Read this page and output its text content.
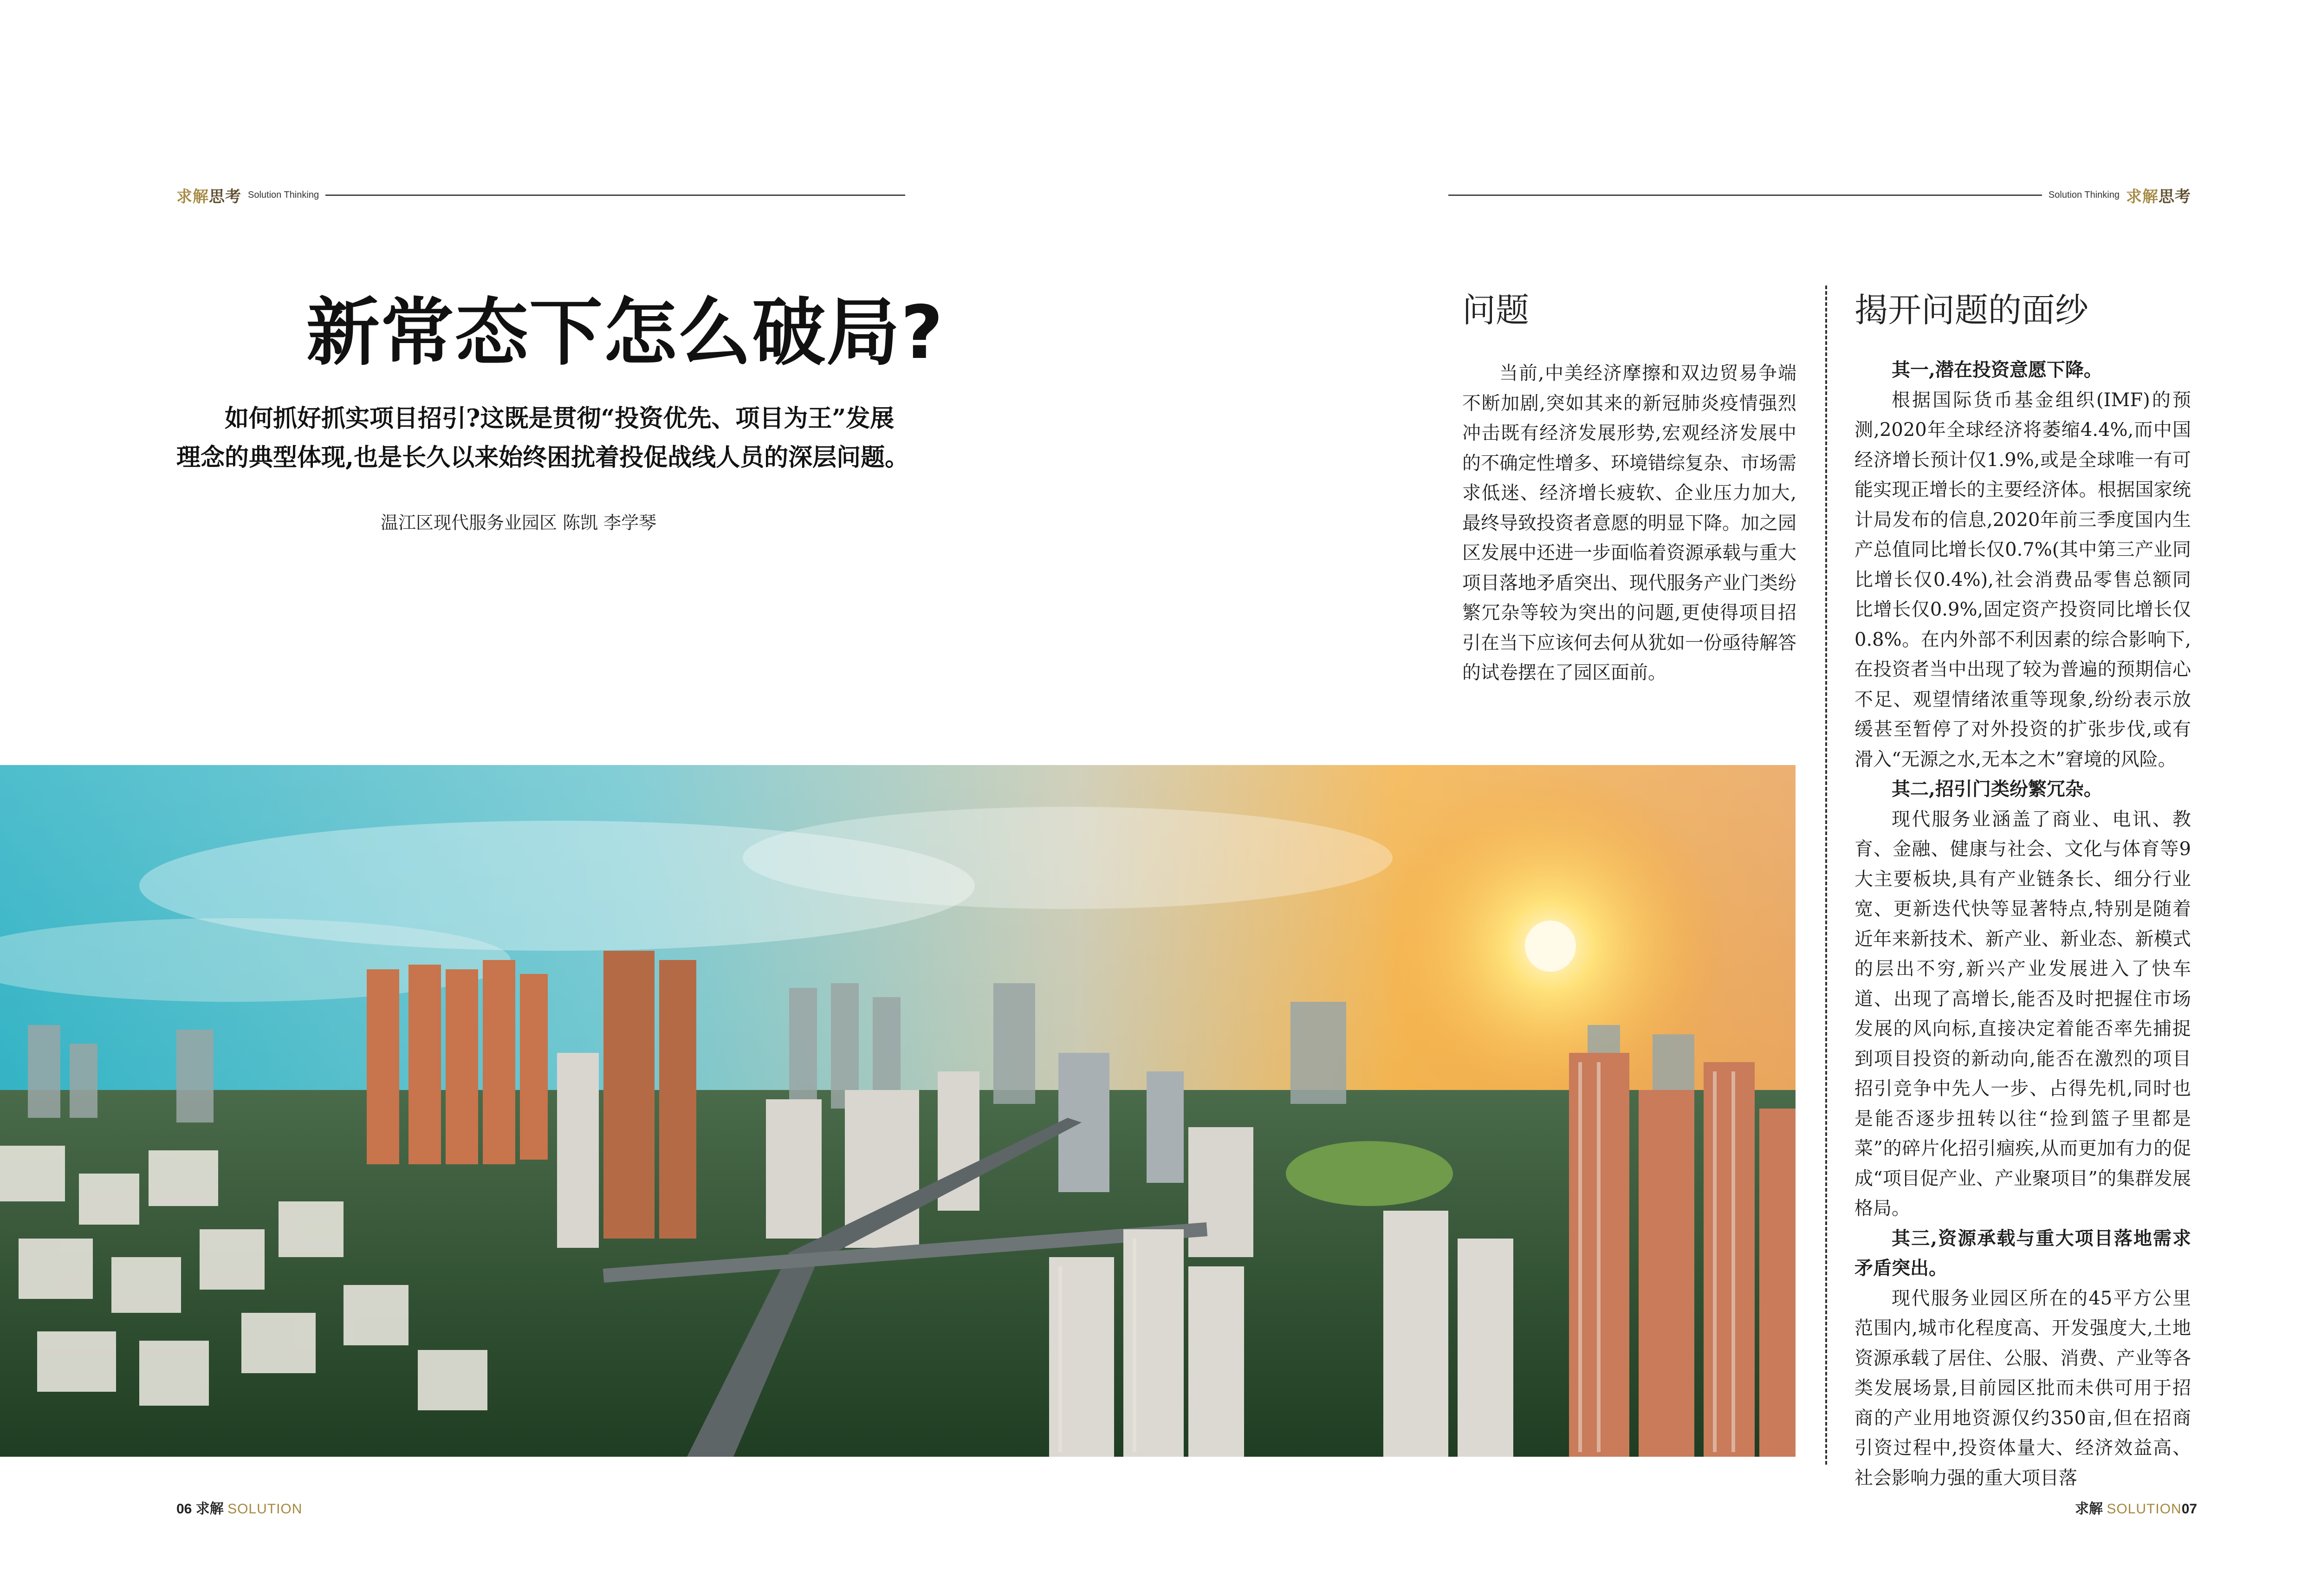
求解思考 Solution Thinking
新常态下怎么破局?
如何抓好抓实项目招引?这既是贯彻“投资优先、项目为王”发展理念的典型体现,也是长久以来始终困扰着投促战线人员的深层问题。
温江区现代服务业园区 陈凯 李学琴
Solution Thinking 求解思考
问题
当前,中美经济摩擦和双边贸易争端不断加剧,突如其来的新冠肺炎疫情强烈冲击既有经济发展形势,宏观经济发展中的不确定性增多、环境错综复杂、市场需求低迷、经济增长疲软、企业压力加大,最终导致投资者意愿的明显下降。加之园区发展中还进一步面临着资源承载与重大项目落地矛盾突出、现代服务产业门类纷繁冗杂等较为突出的问题,更使得项目招引在当下应该何去何从犹如一份亟待解答的试卷摆在了园区面前。
揭开问题的面纱

其一,潜在投资意愿下降。

根据国际货币基金组织(IMF)的预测,2020年全球经济将萎缩4.4%,而中国经济增长预计仅1.9%,或是全球唯一有可能实现正增长的主要经济体。根据国家统计局发布的信息,2020年前三季度国内生产总值同比增长仅0.7%(其中第三产业同比增长仅0.4%),社会消费品零售总额同比增长仅0.9%,固定资产投资同比增长仅0.8%。在内外部不利因素的综合影响下,在投资者当中出现了较为普遍的预期信心不足、观望情绪浓重等现象,纷纷表示放缓甚至暂停了对外投资的扩张步伐,或有滑入“无源之水,无本之木”窘境的风险。

其二,招引门类纷繁冗杂。

现代服务业涵盖了商业、电讯、教育、金融、健康与社会、文化与体育等9大主要板块,具有产业链条长、细分行业宽、更新迭代快等显著特点,特别是随着近年来新技术、新产业、新业态、新模式的层出不穷,新兴产业发展进入了快车道、出现了高增长,能否及时把握住市场发展的风向标,直接决定着能否率先捕捉到项目投资的新动向,能否在激烈的项目招引竞争中先人一步、占得先机,同时也是能否逐步扭转以往“捡到篮子里都是菜”的碎片化招引痼疾,从而更加有力的促成“项目促产业、产业聚项目”的集群发展格局。

其三,资源承载与重大项目落地需求矛盾突出。

现代服务业园区所在的45平方公里范围内,城市化程度高、开发强度大,土地资源承载了居住、公服、消费、产业等各类发展场景,目前园区批而未供可用于招商的产业用地资源仅约350亩,但在招商引资过程中,投资体量大、经济效益高、社会影响力强的重大项目落

06 求解 SOLUTION	求解 SOLUTION07
